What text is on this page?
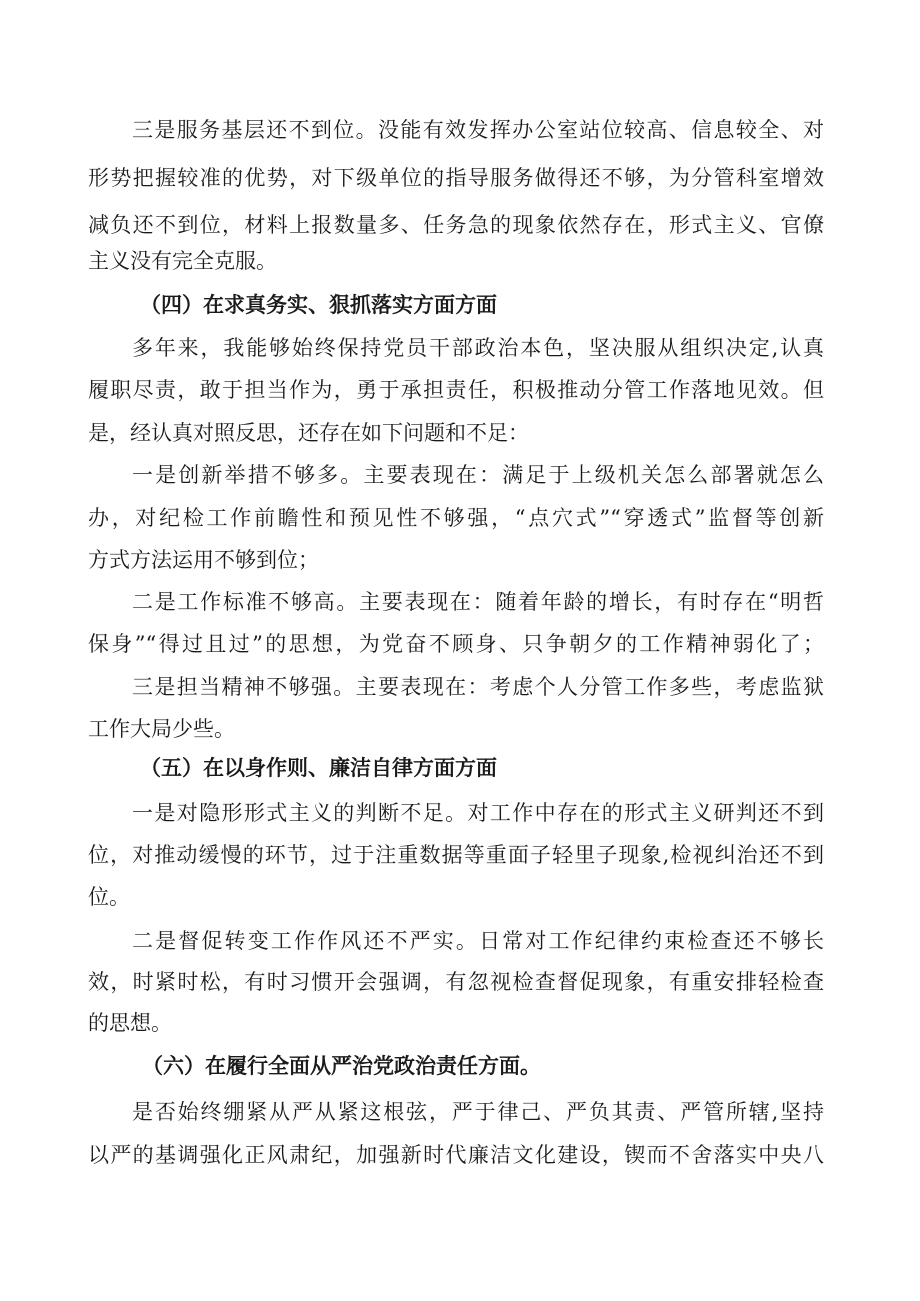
三是服务基层还不到位。没能有效发挥办公室站位较高、信息较全、对
形势把握较准的优势，对下级单位的指导服务做得还不够，为分管科室增效
减负还不到位，材料上报数量多、任务急的现象依然存在，形式主义、官僚
主义没有完全克服。
（四）在求真务实、狠抓落实方面方面
多年来，我能够始终保持党员干部政治本色，坚决服从组织决定,认真
履职尽责，敢于担当作为，勇于承担责任，积极推动分管工作落地见效。但
是，经认真对照反思，还存在如下问题和不足：
一是创新举措不够多。主要表现在：满足于上级机关怎么部署就怎么
办，对纪检工作前瞻性和预见性不够强，“点穴式”“穿透式”监督等创新
方式方法运用不够到位；
二是工作标准不够高。主要表现在：随着年龄的增长，有时存在“明哲
保身”“得过且过”的思想，为党奋不顾身、只争朝夕的工作精神弱化了；
三是担当精神不够强。主要表现在：考虑个人分管工作多些，考虑监狱
工作大局少些。
（五）在以身作则、廉洁自律方面方面
一是对隐形形式主义的判断不足。对工作中存在的形式主义研判还不到
位，对推动缓慢的环节，过于注重数据等重面子轻里子现象,检视纠治还不到
位。
二是督促转变工作作风还不严实。日常对工作纪律约束检查还不够长
效，时紧时松，有时习惯开会强调，有忽视检查督促现象，有重安排轻检查
的思想。
（六）在履行全面从严治党政治责任方面。
是否始终绷紧从严从紧这根弦，严于律己、严负其责、严管所辖,坚持
以严的基调强化正风肃纪，加强新时代廉洁文化建设，锲而不舍落实中央八
